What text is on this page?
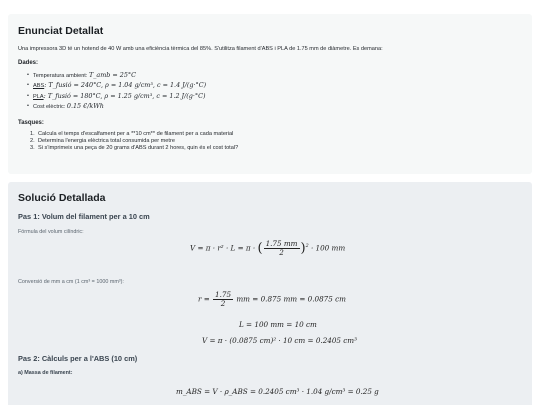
Enunciat Detallat

Una impressora 3D té un hotend de 40 W amb una eficiència tèrmica del 85%. S'utilitza filament d'ABS i PLA de 1.75 mm de diàmetre. Es demana:

Dades:

• Temperatura ambient: T_amb = 25°C
• ABS: T_fusió = 240°C, ρ = 1.04 g/cm³, c = 1.4 J/(g·°C)
• PLA: T_fusió = 180°C, ρ = 1.25 g/cm³, c = 1.2 J/(g·°C)
• Cost elèctric: 0.15 €/kWh

Tasques:

1. Calcula el temps d'escalfament per a **10 cm** de filament per a cada material
2. Determina l'energia elèctrica total consumida per metre
3. Si s'imprimeix una peça de 20 grams d'ABS durant 2 hores, quin és el cost total?
Solució Detallada
Pas 1: Volum del filament per a 10 cm

Fórmula del volum cilíndric:

V = π · r² · L = π · ( $\frac{1.75 mm}{2} )^2 \cdot 100$ mm

Conversió de mm a cm (1 cm³ = 1000 mm³):

$r = \frac{1.75}{2}$ mm = 0.875 mm = 0.0875 cm
L = 100 mm = 10 cm
V = π · (0.0875 cm)² · 10 cm = 0.2405 cm³
Pas 2: Càlculs per a l'ABS (10 cm)

a) Massa de filament:

m_ABS = V · ρ_ABS = 0.2405 cm³ · 1.04 g/cm³ = 0.25 g
